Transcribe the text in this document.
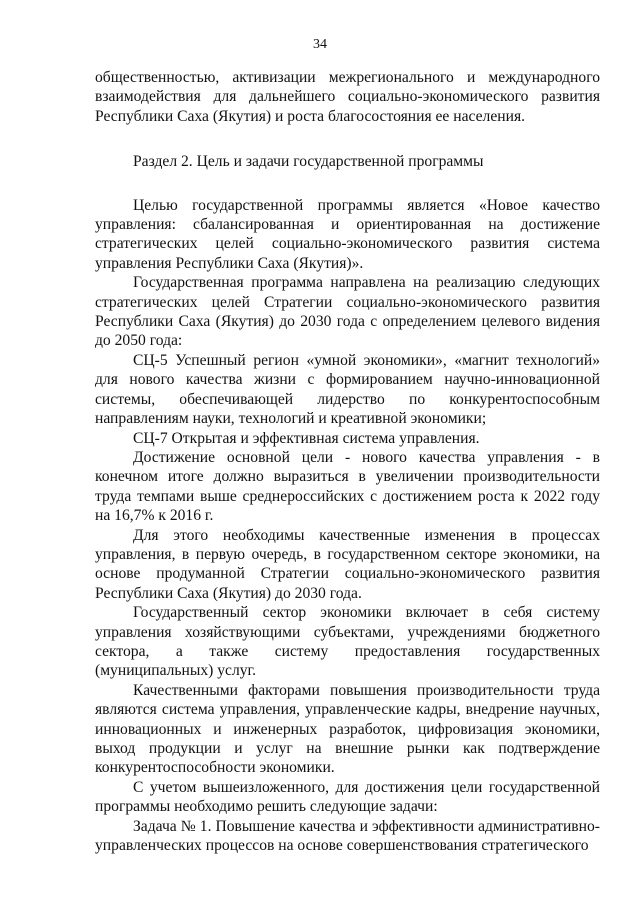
34

общественностью, активизации межрегионального и международного взаимодействия для дальнейшего социально-экономического развития Республики Саха (Якутия) и роста благосостояния ее населения.

Раздел 2. Цель и задачи государственной программы

Целью государственной программы является «Новое качество управления: сбалансированная и ориентированная на достижение стратегических целей социально-экономического развития система управления Республики Саха (Якутия)».

Государственная программа направлена на реализацию следующих стратегических целей Стратегии социально-экономического развития Республики Саха (Якутия) до 2030 года с определением целевого видения до 2050 года:

СЦ-5 Успешный регион «умной экономики», «магнит технологий» для нового качества жизни с формированием научно-инновационной системы, обеспечивающей лидерство по конкурентоспособным направлениям науки, технологий и креативной экономики;

СЦ-7 Открытая и эффективная система управления.

Достижение основной цели - нового качества управления - в конечном итоге должно выразиться в увеличении производительности труда темпами выше среднероссийских с достижением роста к 2022 году на 16,7% к 2016 г.

Для этого необходимы качественные изменения в процессах управления, в первую очередь, в государственном секторе экономики, на основе продуманной Стратегии социально-экономического развития Республики Саха (Якутия) до 2030 года.

Государственный сектор экономики включает в себя систему управления хозяйствующими субъектами, учреждениями бюджетного сектора, а также систему предоставления государственных (муниципальных) услуг.

Качественными факторами повышения производительности труда являются система управления, управленческие кадры, внедрение научных, инновационных и инженерных разработок, цифровизация экономики, выход продукции и услуг на внешние рынки как подтверждение конкурентоспособности экономики.

С учетом вышеизложенного, для достижения цели государственной программы необходимо решить следующие задачи:

Задача № 1. Повышение качества и эффективности административно-управленческих процессов на основе совершенствования стратегического
